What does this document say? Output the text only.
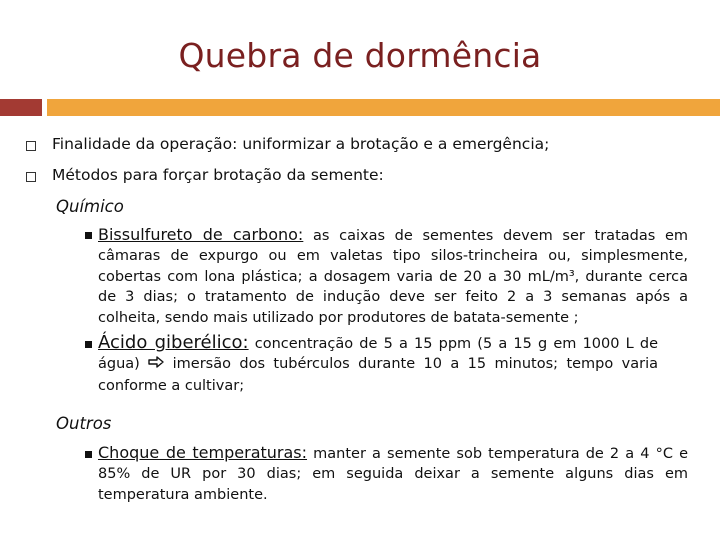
Quebra de dormência
Finalidade da operação: uniformizar a brotação e a emergência;
Métodos para forçar brotação da semente:
Químico
Bissulfureto de carbono: as caixas de sementes devem ser tratadas em câmaras de expurgo ou em valetas tipo silos-trincheira ou, simplesmente, cobertas com lona plástica; a dosagem varia de 20 a 30 mL/m³, durante cerca de 3 dias; o tratamento de indução deve ser feito 2 a 3 semanas após a colheita, sendo mais utilizado por produtores de batata-semente ;
Ácido giberélico: concentração de 5 a 15 ppm (5 a 15 g em 1000 L de água)  imersão dos tubérculos durante 10 a 15 minutos; tempo varia conforme a cultivar;
Outros
Choque de temperaturas: manter a semente sob temperatura de 2 a 4 °C e 85% de UR por 30 dias; em seguida deixar a semente alguns dias em temperatura ambiente.
